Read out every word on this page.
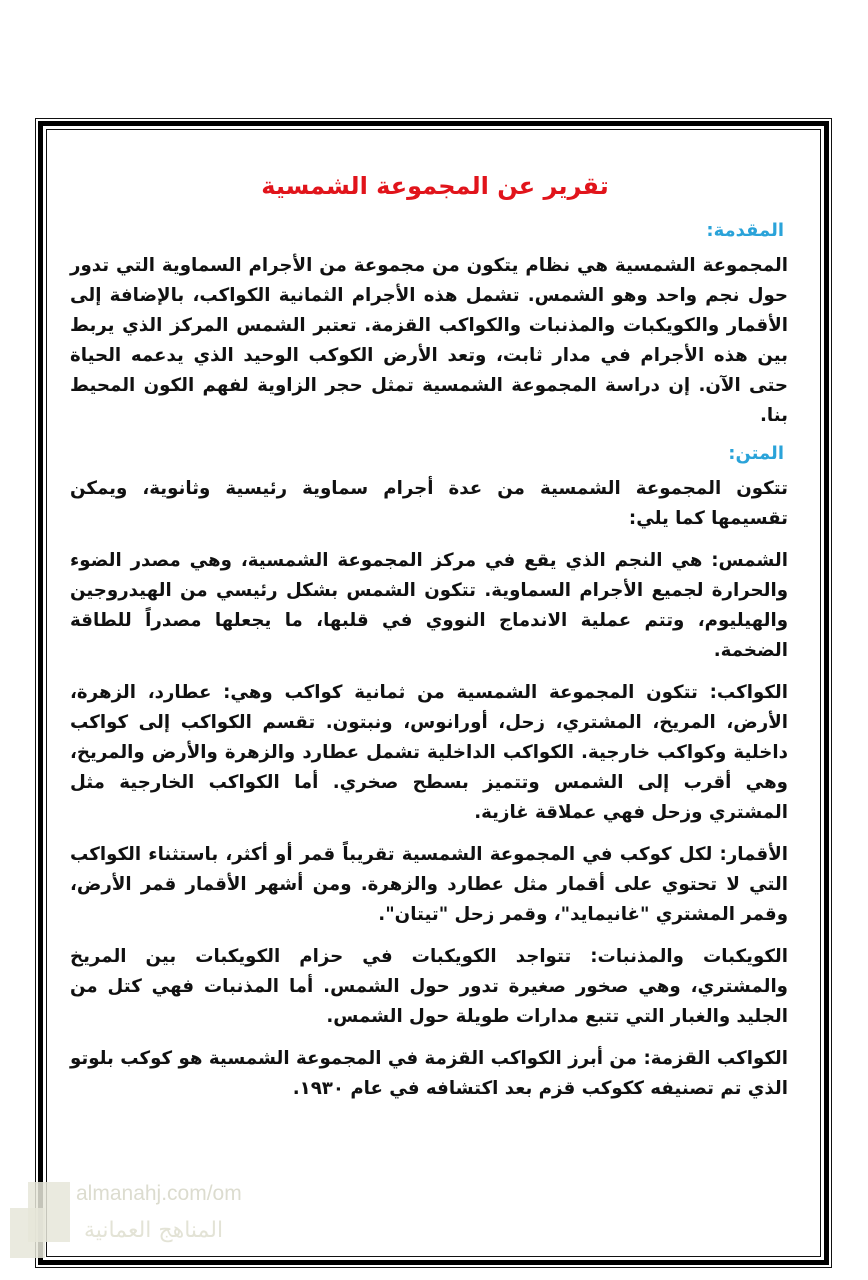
تقرير عن المجموعة الشمسية
المقدمة:

المجموعة الشمسية هي نظام يتكون من مجموعة من الأجرام السماوية التي تدور حول نجم واحد وهو الشمس. تشمل هذه الأجرام الثمانية الكواكب، بالإضافة إلى الأقمار والكويكبات والمذنبات والكواكب القزمة. تعتبر الشمس المركز الذي يربط بين هذه الأجرام في مدار ثابت، وتعد الأرض الكوكب الوحيد الذي يدعمه الحياة حتى الآن. إن دراسة المجموعة الشمسية تمثل حجر الزاوية لفهم الكون المحيط بنا.

المتن:

تتكون المجموعة الشمسية من عدة أجرام سماوية رئيسية وثانوية، ويمكن تقسيمها كما يلي:

الشمس: هي النجم الذي يقع في مركز المجموعة الشمسية، وهي مصدر الضوء والحرارة لجميع الأجرام السماوية. تتكون الشمس بشكل رئيسي من الهيدروجين والهيليوم، وتتم عملية الاندماج النووي في قلبها، ما يجعلها مصدراً للطاقة الضخمة.

الكواكب: تتكون المجموعة الشمسية من ثمانية كواكب وهي: عطارد، الزهرة، الأرض، المريخ، المشتري، زحل، أورانوس، ونبتون. تقسم الكواكب إلى كواكب داخلية وكواكب خارجية. الكواكب الداخلية تشمل عطارد والزهرة والأرض والمريخ، وهي أقرب إلى الشمس وتتميز بسطح صخري. أما الكواكب الخارجية مثل المشتري وزحل فهي عملاقة غازية.

الأقمار: لكل كوكب في المجموعة الشمسية تقريباً قمر أو أكثر، باستثناء الكواكب التي لا تحتوي على أقمار مثل عطارد والزهرة. ومن أشهر الأقمار قمر الأرض، وقمر المشتري "غانيمايد"، وقمر زحل "تيتان".

الكويكبات والمذنبات: تتواجد الكويكبات في حزام الكويكبات بين المريخ والمشتري، وهي صخور صغيرة تدور حول الشمس. أما المذنبات فهي كتل من الجليد والغبار التي تتبع مدارات طويلة حول الشمس.

الكواكب القزمة: من أبرز الكواكب القزمة في المجموعة الشمسية هو كوكب بلوتو الذي تم تصنيفه ككوكب قزم بعد اكتشافه في عام ١٩٣٠.

almanahj.com/om
المناهج العمانية
